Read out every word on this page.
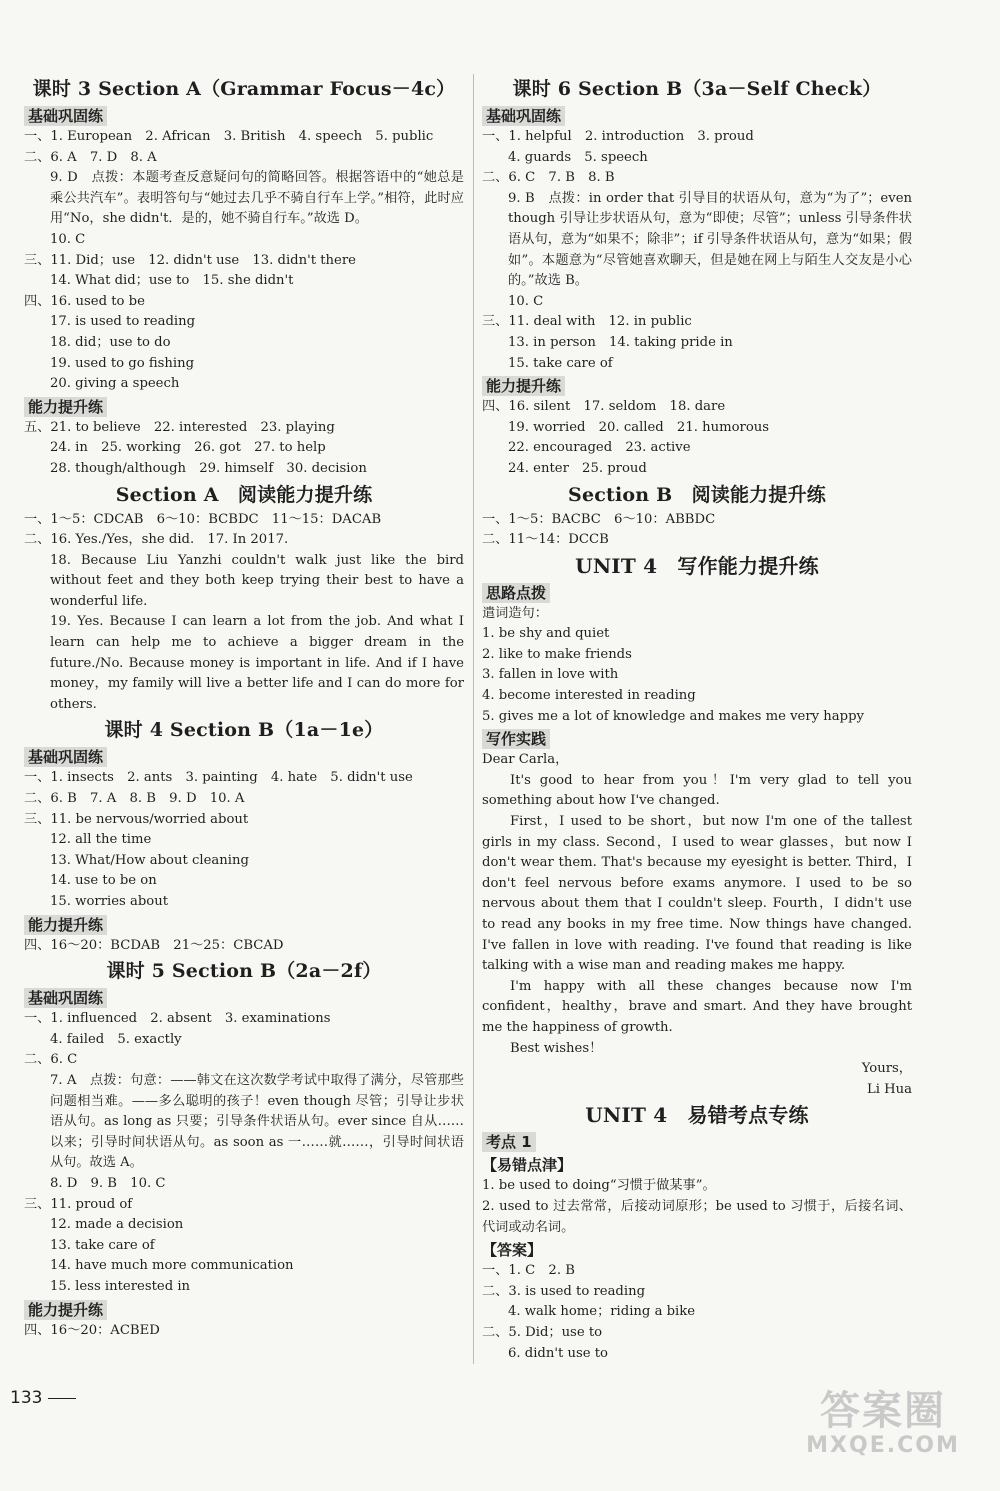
课时 3 Section A（Grammar Focus－4c）
基础巩固练
一、1. European　2. African　3. British　4. speech　5. public
二、6. A　7. D　8. A
9. D　点拨：本题考查反意疑问句的简略回答。根据答语中的“她总是乘公共汽车”。表明答句与“她过去几乎不骑自行车上学。”相符，此时应用“No，she didn't．是的，她不骑自行车。”故选 D。
10. C
三、11. Did；use　12. didn't use　13. didn't there
14. What did；use to　15. she didn't
四、16. used to be
17. is used to reading
18. did；use to do
19. used to go fishing
20. giving a speech
能力提升练
五、21. to believe　22. interested　23. playing
24. in　25. working　26. got　27. to help
28. though/although　29. himself　30. decision
Section A　阅读能力提升练
一、1～5：CDCAB　6～10：BCBDC　11～15：DACAB
二、16. Yes./Yes，she did.　17. In 2017.
18. Because Liu Yanzhi couldn't walk just like the bird without feet and they both keep trying their best to have a wonderful life.
19. Yes. Because I can learn a lot from the job. And what I learn can help me to achieve a bigger dream in the future./No. Because money is important in life. And if I have money，my family will live a better life and I can do more for others.
课时 4 Section B（1a－1e）
基础巩固练
一、1. insects　2. ants　3. painting　4. hate　5. didn't use
二、6. B　7. A　8. B　9. D　10. A
三、11. be nervous/worried about
12. all the time
13. What/How about cleaning
14. use to be on
15. worries about
能力提升练
四、16～20：BCDAB　21～25：CBCAD
课时 5 Section B（2a－2f）
基础巩固练
一、1. influenced　2. absent　3. examinations
4. failed　5. exactly
二、6. C
7. A　点拨：句意：——韩文在这次数学考试中取得了满分，尽管那些问题相当难。——多么聪明的孩子！even though 尽管；引导让步状语从句。as long as 只要；引导条件状语从句。ever since 自从……以来；引导时间状语从句。as soon as 一……就……，引导时间状语从句。故选 A。
8. D　9. B　10. C
三、11. proud of
12. made a decision
13. take care of
14. have much more communication
15. less interested in
能力提升练
四、16～20：ACBED
课时 6 Section B（3a－Self Check）
基础巩固练
一、1. helpful　2. introduction　3. proud
4. guards　5. speech
二、6. C　7. B　8. B
9. B　点拨：in order that 引导目的状语从句，意为“为了”；even though 引导让步状语从句，意为“即使；尽管”；unless 引导条件状语从句，意为“如果不；除非”；if 引导条件状语从句，意为“如果；假如”。本题意为“尽管她喜欢聊天，但是她在网上与陌生人交友是小心的。”故选 B。
10. C
三、11. deal with　12. in public
13. in person　14. taking pride in
15. take care of
能力提升练
四、16. silent　17. seldom　18. dare
19. worried　20. called　21. humorous
22. encouraged　23. active
24. enter　25. proud
Section B　阅读能力提升练
一、1～5：BACBC　6～10：ABBDC
二、11～14：DCCB
UNIT 4　写作能力提升练
思路点拨
遣词造句：
1. be shy and quiet
2. like to make friends
3. fallen in love with
4. become interested in reading
5. gives me a lot of knowledge and makes me very happy
写作实践
Dear Carla，
It's good to hear from you！I'm very glad to tell you something about how I've changed.
First，I used to be short，but now I'm one of the tallest girls in my class. Second，I used to wear glasses，but now I don't wear them. That's because my eyesight is better. Third，I don't feel nervous before exams anymore. I used to be so nervous about them that I couldn't sleep. Fourth，I didn't use to read any books in my free time. Now things have changed. I've fallen in love with reading. I've found that reading is like talking with a wise man and reading makes me happy.
I'm happy with all these changes because now I'm confident，healthy，brave and smart. And they have brought me the happiness of growth.
Best wishes！
Yours，
Li Hua
UNIT 4　易错考点专练
考点 1
【易错点津】
1. be used to doing“习惯于做某事”。
2. used to 过去常常，后接动词原形；be used to 习惯于，后接名词、代词或动名词。
【答案】
一、1. C　2. B
二、3. is used to reading
4. walk home；riding a bike
二、5. Did；use to
6. didn't use to
133	答案圈
MXQE.COM
